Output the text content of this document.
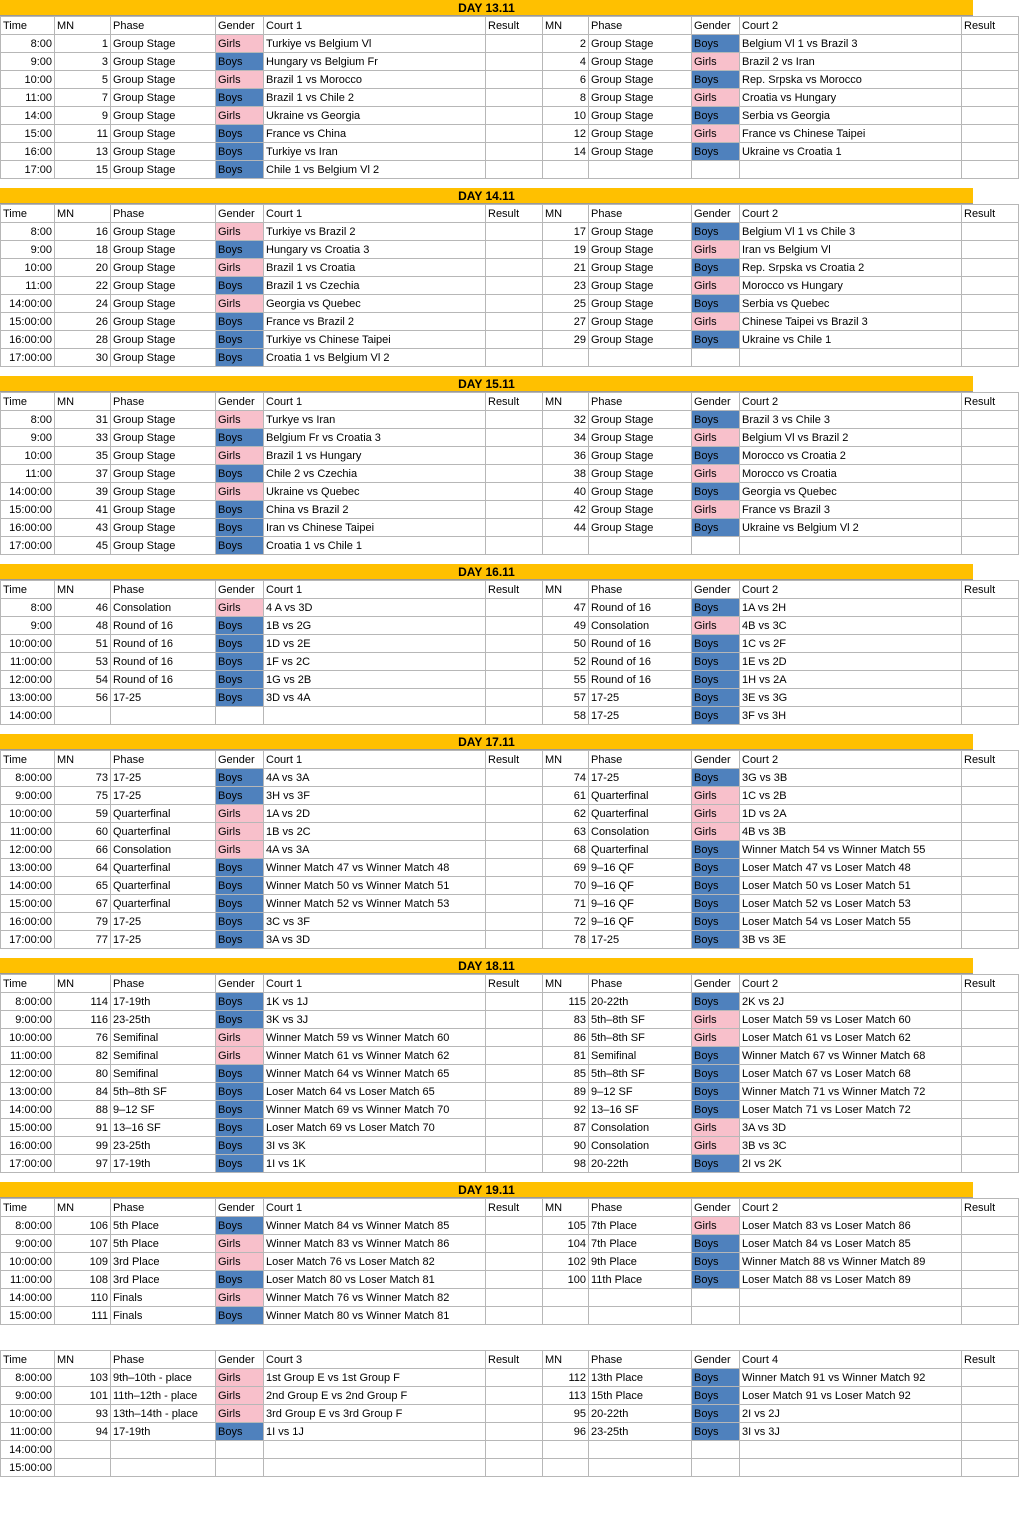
DAY 13.11
Time	MN	Phase	Gender	Court 1	Result	MN	Phase	Gender	Court 2	Result
8:00	1	Group Stage	Girls	Turkiye vs Belgium Vl		2	Group Stage	Boys	Belgium Vl 1 vs Brazil 3	
9:00	3	Group Stage	Boys	Hungary vs Belgium Fr		4	Group Stage	Girls	Brazil 2 vs Iran	
10:00	5	Group Stage	Girls	Brazil 1 vs Morocco		6	Group Stage	Boys	Rep. Srpska vs Morocco	
11:00	7	Group Stage	Boys	Brazil 1 vs Chile 2		8	Group Stage	Girls	Croatia vs Hungary	
14:00	9	Group Stage	Girls	Ukraine vs Georgia		10	Group Stage	Boys	Serbia vs Georgia	
15:00	11	Group Stage	Boys	France vs China		12	Group Stage	Girls	France vs Chinese Taipei	
16:00	13	Group Stage	Boys	Turkiye vs Iran		14	Group Stage	Boys	Ukraine vs Croatia 1	
17:00	15	Group Stage	Boys	Chile 1 vs Belgium Vl 2						
DAY 14.11
Time	MN	Phase	Gender	Court 1	Result	MN	Phase	Gender	Court 2	Result
8:00	16	Group Stage	Girls	Turkiye vs Brazil 2		17	Group Stage	Boys	Belgium Vl 1 vs Chile 3	
9:00	18	Group Stage	Boys	Hungary vs Croatia 3		19	Group Stage	Girls	Iran vs Belgium Vl	
10:00	20	Group Stage	Girls	Brazil 1 vs Croatia		21	Group Stage	Boys	Rep. Srpska vs Croatia 2	
11:00	22	Group Stage	Boys	Brazil 1 vs Czechia		23	Group Stage	Girls	Morocco vs Hungary	
14:00:00	24	Group Stage	Girls	Georgia vs Quebec		25	Group Stage	Boys	Serbia vs Quebec	
15:00:00	26	Group Stage	Boys	France vs Brazil 2		27	Group Stage	Girls	Chinese Taipei vs Brazil 3	
16:00:00	28	Group Stage	Boys	Turkiye vs Chinese Taipei		29	Group Stage	Boys	Ukraine vs Chile 1	
17:00:00	30	Group Stage	Boys	Croatia 1 vs Belgium Vl 2						
DAY 15.11
Time	MN	Phase	Gender	Court 1	Result	MN	Phase	Gender	Court 2	Result
8:00	31	Group Stage	Girls	Turkye vs Iran		32	Group Stage	Boys	Brazil 3 vs Chile 3	
9:00	33	Group Stage	Boys	Belgium Fr vs Croatia 3		34	Group Stage	Girls	Belgium Vl vs Brazil 2	
10:00	35	Group Stage	Girls	Brazil 1 vs Hungary		36	Group Stage	Boys	Morocco vs Croatia 2	
11:00	37	Group Stage	Boys	Chile 2 vs Czechia		38	Group Stage	Girls	Morocco vs Croatia	
14:00:00	39	Group Stage	Girls	Ukraine vs Quebec		40	Group Stage	Boys	Georgia vs Quebec	
15:00:00	41	Group Stage	Boys	China vs Brazil 2		42	Group Stage	Girls	France vs Brazil 3	
16:00:00	43	Group Stage	Boys	Iran vs Chinese Taipei		44	Group Stage	Boys	Ukraine vs Belgium Vl 2	
17:00:00	45	Group Stage	Boys	Croatia 1 vs Chile 1						
DAY 16.11
Time	MN	Phase	Gender	Court 1	Result	MN	Phase	Gender	Court 2	Result
8:00	46	Consolation	Girls	4 A vs 3D		47	Round of 16	Boys	1A vs 2H	
9:00	48	Round of 16	Boys	1B vs 2G		49	Consolation	Girls	4B vs 3C	
10:00:00	51	Round of 16	Boys	1D vs 2E		50	Round of 16	Boys	1C vs 2F	
11:00:00	53	Round of 16	Boys	1F vs 2C		52	Round of 16	Boys	1E vs 2D	
12:00:00	54	Round of 16	Boys	1G vs 2B		55	Round of 16	Boys	1H vs 2A	
13:00:00	56	17-25	Boys	3D vs 4A		57	17-25	Boys	3E vs 3G	
14:00:00						58	17-25	Boys	3F vs 3H	
DAY 17.11
Time	MN	Phase	Gender	Court 1	Result	MN	Phase	Gender	Court 2	Result
8:00:00	73	17-25	Boys	4A vs 3A		74	17-25	Boys	3G vs 3B	
9:00:00	75	17-25	Boys	3H vs 3F		61	Quarterfinal	Girls	1C vs 2B	
10:00:00	59	Quarterfinal	Girls	1A vs 2D		62	Quarterfinal	Girls	1D vs 2A	
11:00:00	60	Quarterfinal	Girls	1B vs 2C		63	Consolation	Girls	4B vs 3B	
12:00:00	66	Consolation	Girls	4A vs 3A		68	Quarterfinal	Boys	Winner Match 54 vs Winner Match 55	
13:00:00	64	Quarterfinal	Boys	Winner Match 47 vs Winner Match 48		69	9–16 QF	Boys	Loser Match 47 vs Loser Match 48	
14:00:00	65	Quarterfinal	Boys	Winner Match 50 vs Winner Match 51		70	9–16 QF	Boys	Loser Match 50 vs Loser Match 51	
15:00:00	67	Quarterfinal	Boys	Winner Match 52 vs Winner Match 53		71	9–16 QF	Boys	Loser Match 52 vs Loser Match 53	
16:00:00	79	17-25	Boys	3C vs 3F		72	9–16 QF	Boys	Loser Match 54 vs Loser Match 55	
17:00:00	77	17-25	Boys	3A vs 3D		78	17-25	Boys	3B vs 3E	
DAY 18.11
Time	MN	Phase	Gender	Court 1	Result	MN	Phase	Gender	Court 2	Result
8:00:00	114	17-19th	Boys	1K vs 1J		115	20-22th	Boys	2K vs 2J	
9:00:00	116	23-25th	Boys	3K vs 3J		83	5th–8th SF	Girls	Loser Match 59 vs Loser Match 60	
10:00:00	76	Semifinal	Girls	Winner Match 59 vs Winner Match 60		86	5th–8th SF	Girls	Loser Match 61 vs Loser Match 62	
11:00:00	82	Semifinal	Girls	Winner Match 61 vs Winner Match 62		81	Semifinal	Boys	Winner Match 67 vs Winner Match 68	
12:00:00	80	Semifinal	Boys	Winner Match 64 vs Winner Match 65		85	5th–8th SF	Boys	Loser Match 67 vs Loser Match 68	
13:00:00	84	5th–8th SF	Boys	Loser Match 64 vs Loser Match 65		89	9–12 SF	Boys	Winner Match 71 vs Winner Match 72	
14:00:00	88	9–12 SF	Boys	Winner Match 69 vs Winner Match 70		92	13–16 SF	Boys	Loser Match 71 vs Loser Match 72	
15:00:00	91	13–16 SF	Boys	Loser Match 69 vs Loser Match 70		87	Consolation	Girls	3A vs 3D	
16:00:00	99	23-25th	Boys	3I vs 3K		90	Consolation	Girls	3B vs 3C	
17:00:00	97	17-19th	Boys	1I vs 1K		98	20-22th	Boys	2I vs 2K	
DAY 19.11
Time	MN	Phase	Gender	Court 1	Result	MN	Phase	Gender	Court 2	Result
8:00:00	106	5th Place	Boys	Winner Match 84 vs Winner Match 85		105	7th Place	Girls	Loser Match 83 vs Loser Match 86	
9:00:00	107	5th Place	Girls	Winner Match 83 vs Winner Match 86		104	7th Place	Boys	Loser Match 84 vs Loser Match 85	
10:00:00	109	3rd Place	Girls	Loser Match 76 vs Loser Match 82		102	9th Place	Boys	Winner Match 88 vs Winner Match 89	
11:00:00	108	3rd Place	Boys	Loser Match 80 vs Loser Match 81		100	11th Place	Boys	Loser Match 88 vs Loser Match 89	
14:00:00	110	Finals	Girls	Winner Match 76 vs Winner Match 82						
15:00:00	111	Finals	Boys	Winner Match 80 vs Winner Match 81						
Time	MN	Phase	Gender	Court 3	Result	MN	Phase	Gender	Court 4	Result
8:00:00	103	9th–10th - place	Girls	1st Group E vs 1st Group F		112	13th Place	Boys	Winner Match 91 vs Winner Match 92	
9:00:00	101	11th–12th - place	Girls	2nd Group E vs 2nd Group F		113	15th Place	Boys	Loser Match 91 vs Loser Match 92	
10:00:00	93	13th–14th - place	Girls	3rd Group E vs 3rd Group F		95	20-22th	Boys	2I vs 2J	
11:00:00	94	17-19th	Boys	1I vs 1J		96	23-25th	Boys	3I vs 3J	
14:00:00										
15:00:00										
